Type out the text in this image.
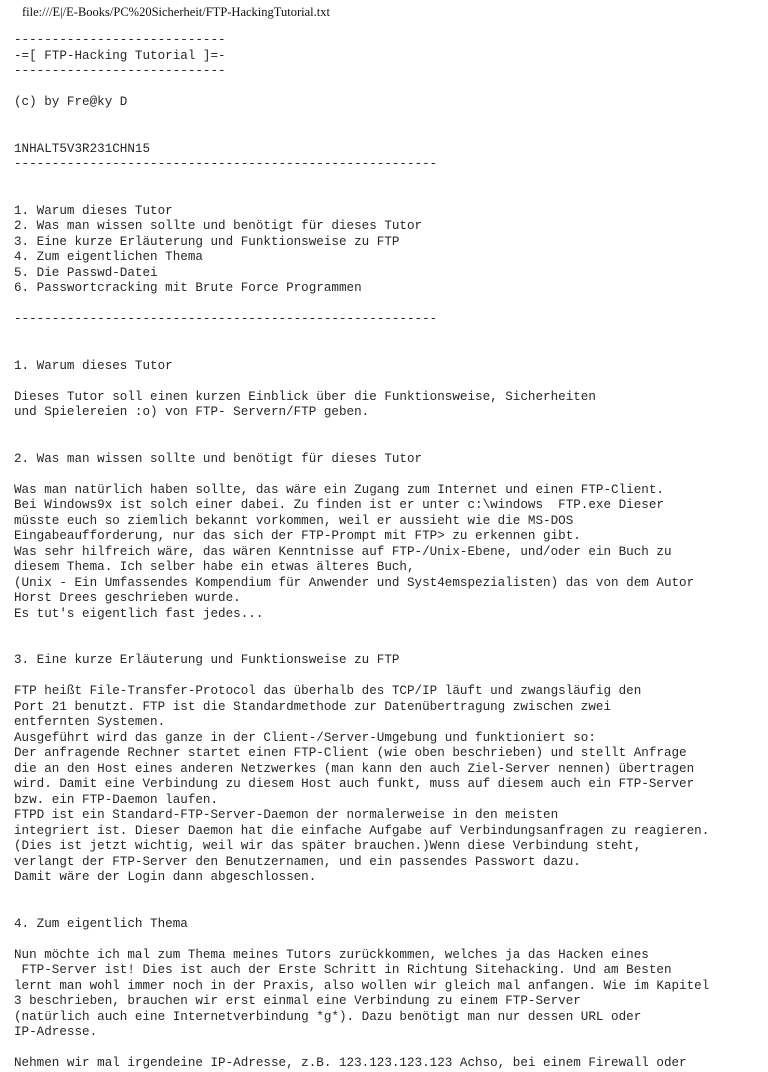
file:///E|/E-Books/PC%20Sicherheit/FTP-HackingTutorial.txt
----------------------------
-=[ FTP-Hacking Tutorial ]=-
----------------------------

(c) by Fre@ky D

1NHALT5V3R231CHN15
--------------------------------------------------------

1. Warum dieses Tutor
2. Was man wissen sollte und benötigt für dieses Tutor
3. Eine kurze Erläuterung und Funktionsweise zu FTP
4. Zum eigentlichen Thema
5. Die Passwd-Datei
6. Passwortcracking mit Brute Force Programmen

--------------------------------------------------------

1. Warum dieses Tutor

Dieses Tutor soll einen kurzen Einblick über die Funktionsweise, Sicherheiten
und Spielereien :o) von FTP- Servern/FTP geben.

2. Was man wissen sollte und benötigt für dieses Tutor

Was man natürlich haben sollte, das wäre ein Zugang zum Internet und einen FTP-Client.
Bei Windows9x ist solch einer dabei. Zu finden ist er unter c:\windows  FTP.exe Dieser
müsste euch so ziemlich bekannt vorkommen, weil er aussieht wie die MS-DOS
Eingabeaufforderung, nur das sich der FTP-Prompt mit FTP> zu erkennen gibt.
Was sehr hilfreich wäre, das wären Kenntnisse auf FTP-/Unix-Ebene, und/oder ein Buch zu
diesem Thema. Ich selber habe ein etwas älteres Buch,
(Unix - Ein Umfassendes Kompendium für Anwender und Syst4emspezialisten) das von dem Autor
Horst Drees geschrieben wurde.
Es tut's eigentlich fast jedes...

3. Eine kurze Erläuterung und Funktionsweise zu FTP

FTP heißt File-Transfer-Protocol das überhalb des TCP/IP läuft und zwangsläufig den
Port 21 benutzt. FTP ist die Standardmethode zur Datenübertragung zwischen zwei
entfernten Systemen.
Ausgeführt wird das ganze in der Client-/Server-Umgebung und funktioniert so:
Der anfragende Rechner startet einen FTP-Client (wie oben beschrieben) und stellt Anfrage
die an den Host eines anderen Netzwerkes (man kann den auch Ziel-Server nennen) übertragen
wird. Damit eine Verbindung zu diesem Host auch funkt, muss auf diesem auch ein FTP-Server
bzw. ein FTP-Daemon laufen.
FTPD ist ein Standard-FTP-Server-Daemon der normalerweise in den meisten
integriert ist. Dieser Daemon hat die einfache Aufgabe auf Verbindungsanfragen zu reagieren.
(Dies ist jetzt wichtig, weil wir das später brauchen.)Wenn diese Verbindung steht,
verlangt der FTP-Server den Benutzernamen, und ein passendes Passwort dazu.
Damit wäre der Login dann abgeschlossen.

4. Zum eigentlich Thema

Nun möchte ich mal zum Thema meines Tutors zurückkommen, welches ja das Hacken eines
FTP-Server ist! Dies ist auch der Erste Schritt in Richtung Sitehacking. Und am Besten
lernt man wohl immer noch in der Praxis, also wollen wir gleich mal anfangen. Wie im Kapitel
3 beschrieben, brauchen wir erst einmal eine Verbindung zu einem FTP-Server
(natürlich auch eine Internetverbindung *g*). Dazu benötigt man nur dessen URL oder
IP-Adresse.

Nehmen wir mal irgendeine IP-Adresse, z.B. 123.123.123.123 Achso, bei einem Firewall oder
